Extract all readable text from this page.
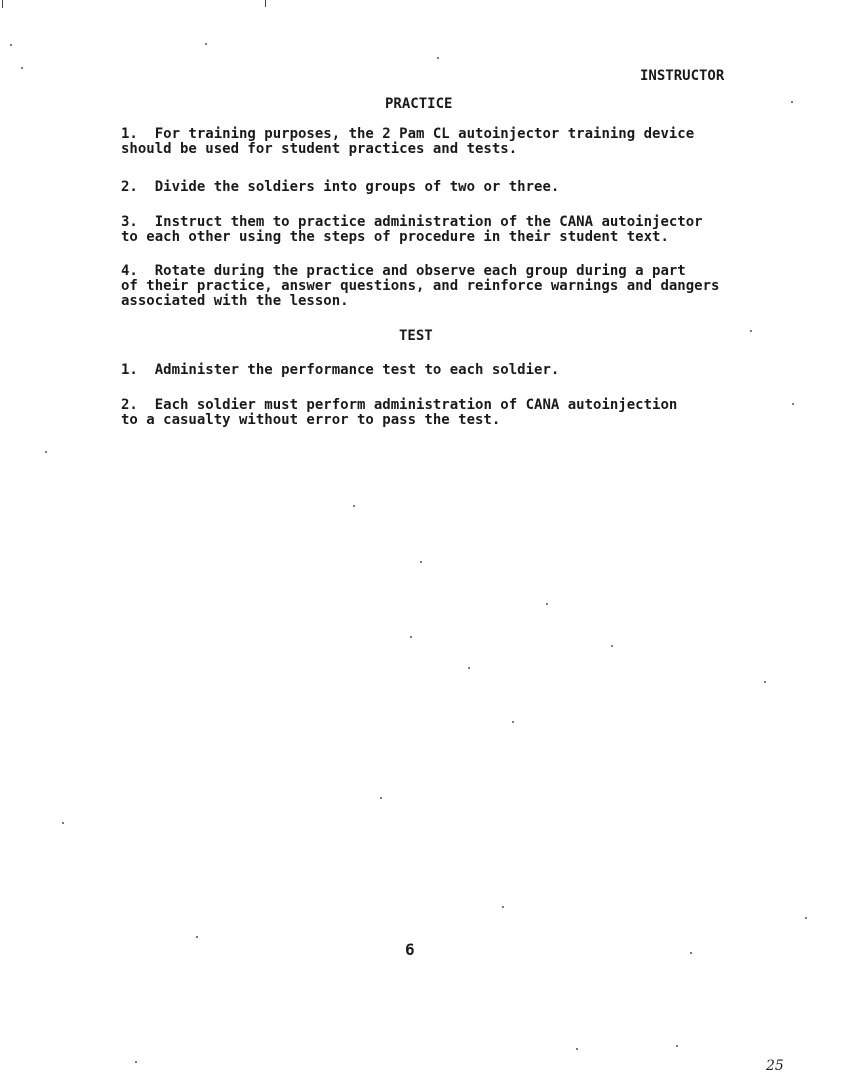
INSTRUCTOR
PRACTICE
1. For training purposes, the 2 Pam CL autoinjector training device
should be used for student practices and tests.
2. Divide the soldiers into groups of two or three.
3. Instruct them to practice administration of the CANA autoinjector
to each other using the steps of procedure in their student text.
4. Rotate during the practice and observe each group during a part
of their practice, answer questions, and reinforce warnings and dangers
associated with the lesson.
TEST
1. Administer the performance test to each soldier.
2. Each soldier must perform administration of CANA autoinjection
to a casualty without error to pass the test.
6
25
